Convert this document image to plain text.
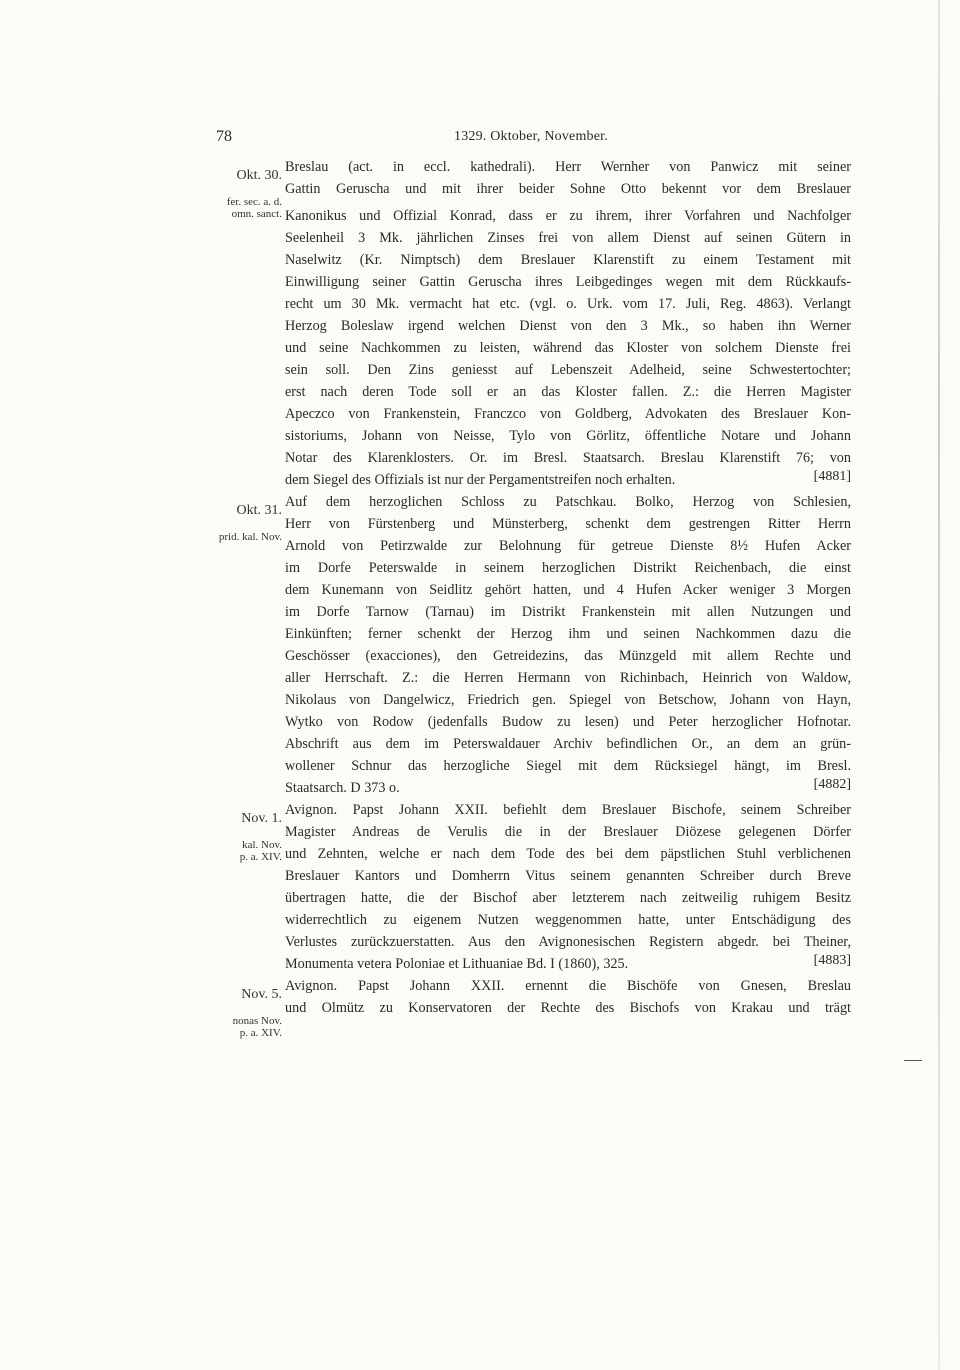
78	1329. Oktober, November.

Okt. 30.

fer. sec. a. d.
omn. sanct.

Breslau (act. in eccl. kathedrali). Herr Wernher von Panwicz mit seiner
Gattin Geruscha und mit ihrer beider Sohne Otto bekennt vor dem Breslauer
Kanonikus und Offizial Konrad, dass er zu ihrem, ihrer Vorfahren und Nachfolger
Seelenheil 3 Mk. jährlichen Zinses frei von allem Dienst auf seinen Gütern in
Naselwitz (Kr. Nimptsch) dem Breslauer Klarenstift zu einem Testament mit
Einwilligung seiner Gattin Geruscha ihres Leibgedinges wegen mit dem Rückkaufs-
recht um 30 Mk. vermacht hat etc. (vgl. o. Urk. vom 17. Juli, Reg. 4863). Verlangt
Herzog Boleslaw irgend welchen Dienst von den 3 Mk., so haben ihn Werner
und seine Nachkommen zu leisten, während das Kloster von solchem Dienste frei
sein soll. Den Zins geniesst auf Lebenszeit Adelheid, seine Schwestertochter;
erst nach deren Tode soll er an das Kloster fallen. Z.: die Herren Magister
Apeczco von Frankenstein, Franczco von Goldberg, Advokaten des Breslauer Kon-
sistoriums, Johann von Neisse, Tylo von Görlitz, öffentliche Notare und Johann
Notar des Klarenklosters. Or. im Bresl. Staatsarch. Breslau Klarenstift 76; von
dem Siegel des Offizials ist nur der Pergamentstreifen noch erhalten.	[4881]

Okt. 31.

prid. kal. Nov.

Auf dem herzoglichen Schloss zu Patschkau. Bolko, Herzog von Schlesien,
Herr von Fürstenberg und Münsterberg, schenkt dem gestrengen Ritter Herrn
Arnold von Petirzwalde zur Belohnung für getreue Dienste 8½ Hufen Acker
im Dorfe Peterswalde in seinem herzoglichen Distrikt Reichenbach, die einst
dem Kunemann von Seidlitz gehört hatten, und 4 Hufen Acker weniger 3 Morgen
im Dorfe Tarnow (Tarnau) im Distrikt Frankenstein mit allen Nutzungen und
Einkünften; ferner schenkt der Herzog ihm und seinen Nachkommen dazu die
Geschösser (exacciones), den Getreidezins, das Münzgeld mit allem Rechte und
aller Herrschaft. Z.: die Herren Hermann von Richinbach, Heinrich von Waldow,
Nikolaus von Dangelwicz, Friedrich gen. Spiegel von Betschow, Johann von Hayn,
Wytko von Rodow (jedenfalls Budow zu lesen) und Peter herzoglicher Hofnotar.
Abschrift aus dem im Peterswaldauer Archiv befindlichen Or., an dem an grün-
wollener Schnur das herzogliche Siegel mit dem Rücksiegel hängt, im Bresl.
Staatsarch. D 373 o.	[4882]

Nov. 1.

kal. Nov.
p. a. XIV.

Avignon. Papst Johann XXII. befiehlt dem Breslauer Bischofe, seinem Schreiber
Magister Andreas de Verulis die in der Breslauer Diözese gelegenen Dörfer
und Zehnten, welche er nach dem Tode des bei dem päpstlichen Stuhl verblichenen
Breslauer Kantors und Domherrn Vitus seinem genannten Schreiber durch Breve
übertragen hatte, die der Bischof aber letzterem nach zeitweilig ruhigem Besitz
widerrechtlich zu eigenem Nutzen weggenommen hatte, unter Entschädigung des
Verlustes zurückzuerstatten. Aus den Avignonesischen Registern abgedr. bei Theiner,
Monumenta vetera Poloniae et Lithuaniae Bd. I (1860), 325.	[4883]

Nov. 5.

nonas Nov.
p. a. XIV.

Avignon. Papst Johann XXII. ernennt die Bischöfe von Gnesen, Breslau
und Olmütz zu Konservatoren der Rechte des Bischofs von Krakau und trägt
